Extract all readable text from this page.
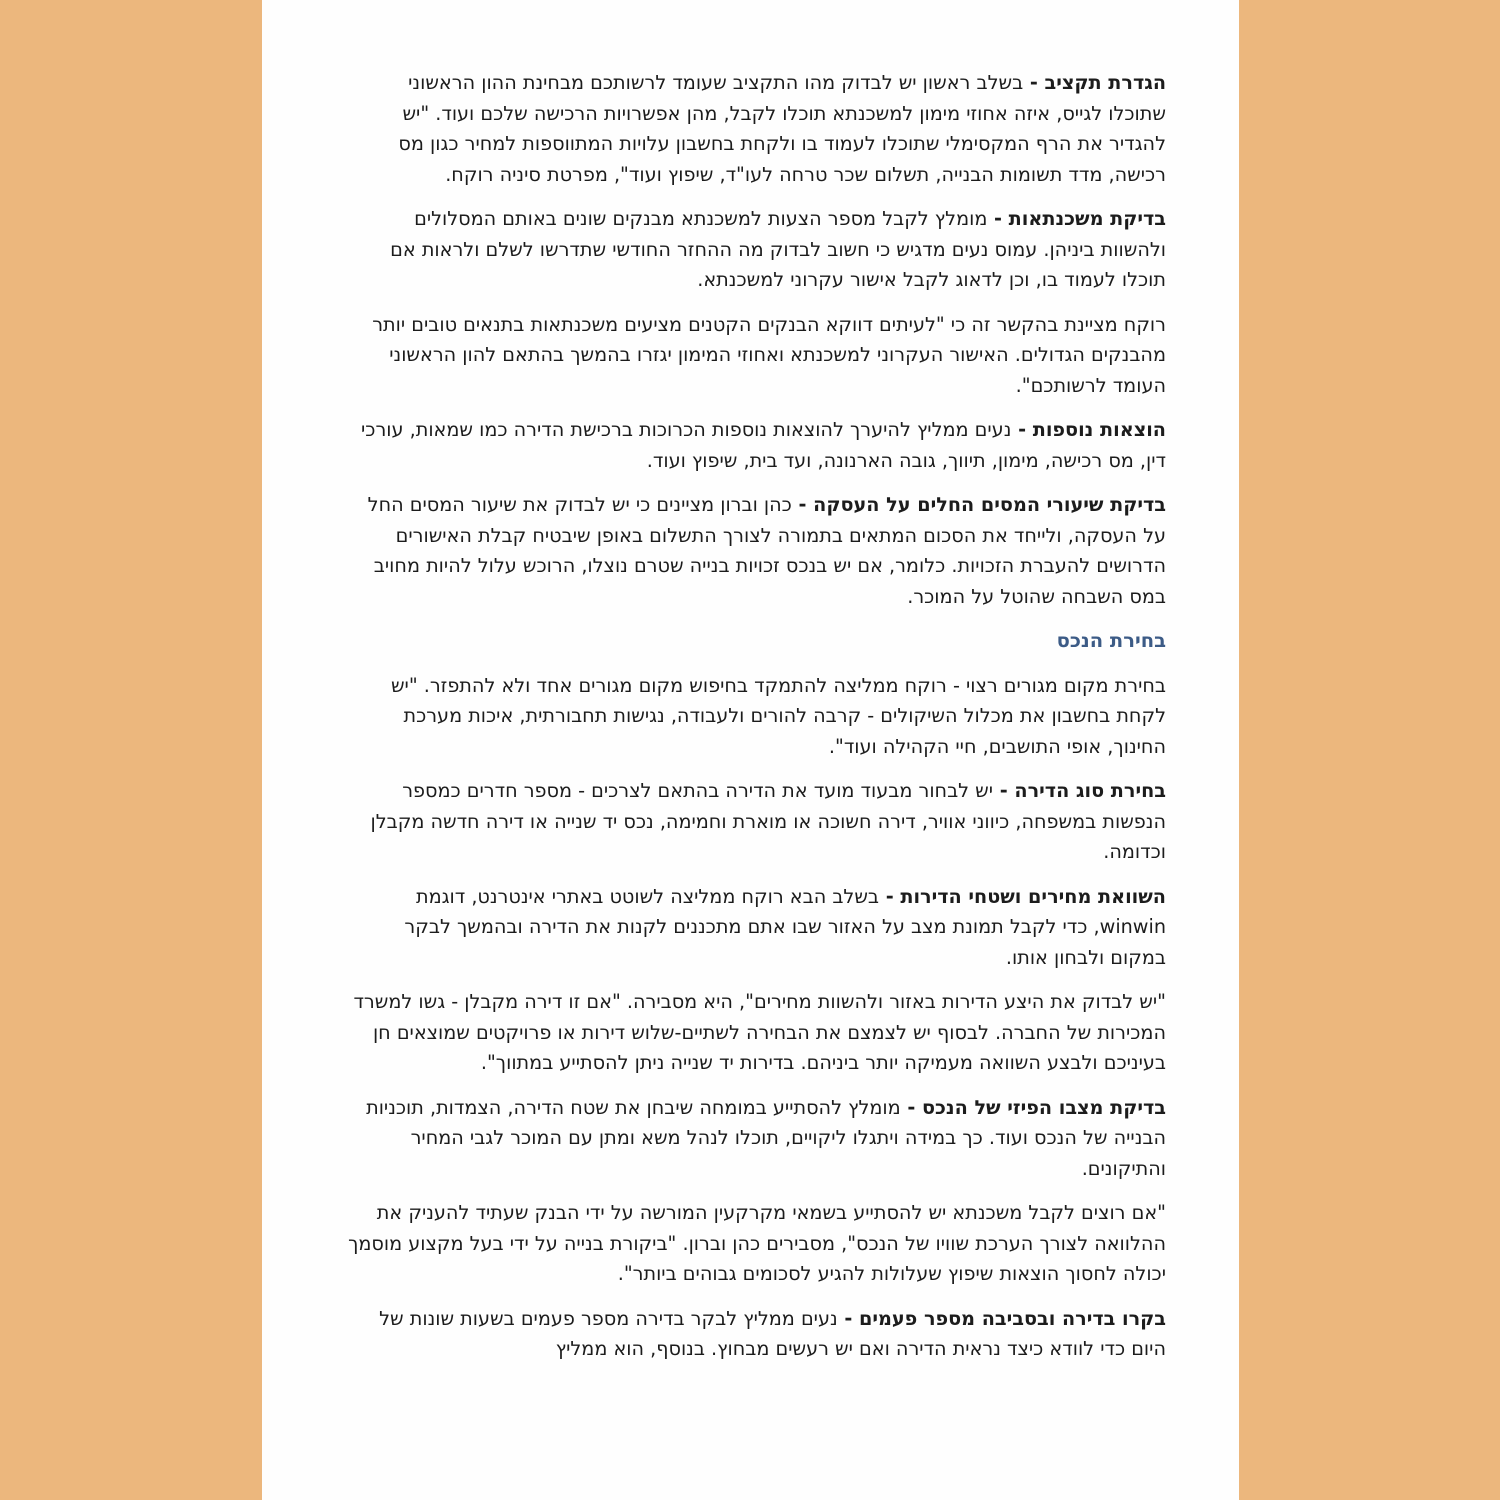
הגדרת תקציב - בשלב ראשון יש לבדוק מהו התקציב שעומד לרשותכם מבחינת ההון הראשוני שתוכלו לגייס, איזה אחוזי מימון למשכנתא תוכלו לקבל, מהן אפשרויות הרכישה שלכם ועוד. "יש להגדיר את הרף המקסימלי שתוכלו לעמוד בו ולקחת בחשבון עלויות המתווספות למחיר כגון מס רכישה, מדד תשומות הבנייה, תשלום שכר טרחה לעו"ד, שיפוץ ועוד", מפרטת סיניה רוקח.

בדיקת משכנתאות - מומלץ לקבל מספר הצעות למשכנתא מבנקים שונים באותם המסלולים ולהשוות ביניהן. עמוס נעים מדגיש כי חשוב לבדוק מה ההחזר החודשי שתדרשו לשלם ולראות אם תוכלו לעמוד בו, וכן לדאוג לקבל אישור עקרוני למשכנתא.

רוקח מציינת בהקשר זה כי "לעיתים דווקא הבנקים הקטנים מציעים משכנתאות בתנאים טובים יותר מהבנקים הגדולים. האישור העקרוני למשכנתא ואחוזי המימון יגזרו בהמשך בהתאם להון הראשוני העומד לרשותכם".

הוצאות נוספות - נעים ממליץ להיערך להוצאות נוספות הכרוכות ברכישת הדירה כמו שמאות, עורכי דין, מס רכישה, מימון, תיווך, גובה הארנונה, ועד בית, שיפוץ ועוד.

בדיקת שיעורי המסים החלים על העסקה - כהן וברון מציינים כי יש לבדוק את שיעור המסים החל על העסקה, ולייחד את הסכום המתאים בתמורה לצורך התשלום באופן שיבטיח קבלת האישורים הדרושים להעברת הזכויות. כלומר, אם יש בנכס זכויות בנייה שטרם נוצלו, הרוכש עלול להיות מחויב במס השבחה שהוטל על המוכר.

בחירת הנכס

בחירת מקום מגורים רצוי - רוקח ממליצה להתמקד בחיפוש מקום מגורים אחד ולא להתפזר. "יש לקחת בחשבון את מכלול השיקולים - קרבה להורים ולעבודה, נגישות תחבורתית, איכות מערכת החינוך, אופי התושבים, חיי הקהילה ועוד".

בחירת סוג הדירה - יש לבחור מבעוד מועד את הדירה בהתאם לצרכים - מספר חדרים כמספר הנפשות במשפחה, כיווני אוויר, דירה חשוכה או מוארת וחמימה, נכס יד שנייה או דירה חדשה מקבלן וכדומה.

השוואת מחירים ושטחי הדירות - בשלב הבא רוקח ממליצה לשוטט באתרי אינטרנט, דוגמת winwin, כדי לקבל תמונת מצב על האזור שבו אתם מתכננים לקנות את הדירה ובהמשך לבקר במקום ולבחון אותו.

"יש לבדוק את היצע הדירות באזור ולהשוות מחירים", היא מסבירה. "אם זו דירה מקבלן - גשו למשרד המכירות של החברה. לבסוף יש לצמצם את הבחירה לשתיים-שלוש דירות או פרויקטים שמוצאים חן בעיניכם ולבצע השוואה מעמיקה יותר ביניהם. בדירות יד שנייה ניתן להסתייע במתווך".

בדיקת מצבו הפיזי של הנכס - מומלץ להסתייע במומחה שיבחן את שטח הדירה, הצמדות, תוכניות הבנייה של הנכס ועוד. כך במידה ויתגלו ליקויים, תוכלו לנהל משא ומתן עם המוכר לגבי המחיר והתיקונים.

"אם רוצים לקבל משכנתא יש להסתייע בשמאי מקרקעין המורשה על ידי הבנק שעתיד להעניק את ההלוואה לצורך הערכת שוויו של הנכס", מסבירים כהן וברון. "ביקורת בנייה על ידי בעל מקצוע מוסמך יכולה לחסוך הוצאות שיפוץ שעלולות להגיע לסכומים גבוהים ביותר".

בקרו בדירה ובסביבה מספר פעמים - נעים ממליץ לבקר בדירה מספר פעמים בשעות שונות של היום כדי לוודא כיצד נראית הדירה ואם יש רעשים מבחוץ. בנוסף, הוא ממליץ
